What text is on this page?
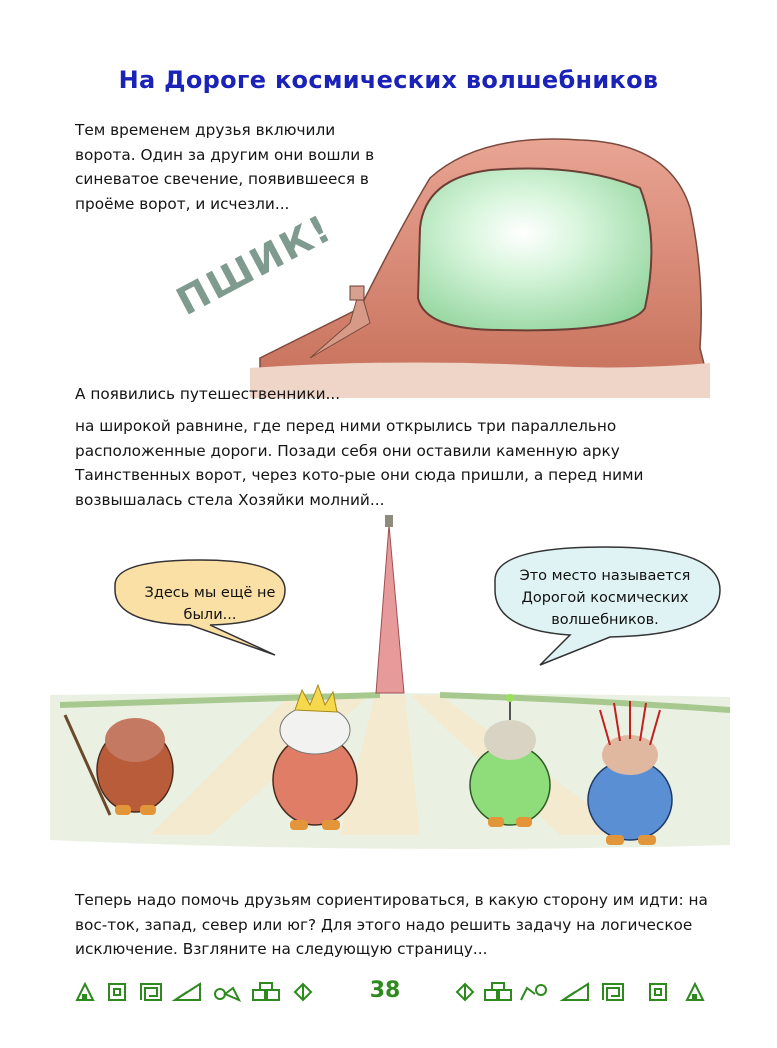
На Дороге космических волшебников
Тем временем друзья включили ворота. Один за другим они вошли в синеватое свечение, появившееся в проёме ворот, и исчезли...
ПШИК!
А появились путешественники...
на широкой равнине, где перед ними открылись три параллельно расположенные дороги. Позади себя они оставили каменную арку Таинственных ворот, через кото-рые они сюда пришли, а перед ними возвышалась стела Хозяйки молний...
Здесь мы ещё не были...
Это место называется Дорогой космических волшебников.
Теперь надо помочь друзьям сориентироваться, в какую сторону им идти: на вос-ток, запад, север или юг? Для этого надо решить задачу на логическое исключение. Взгляните на следующую страницу...
38
